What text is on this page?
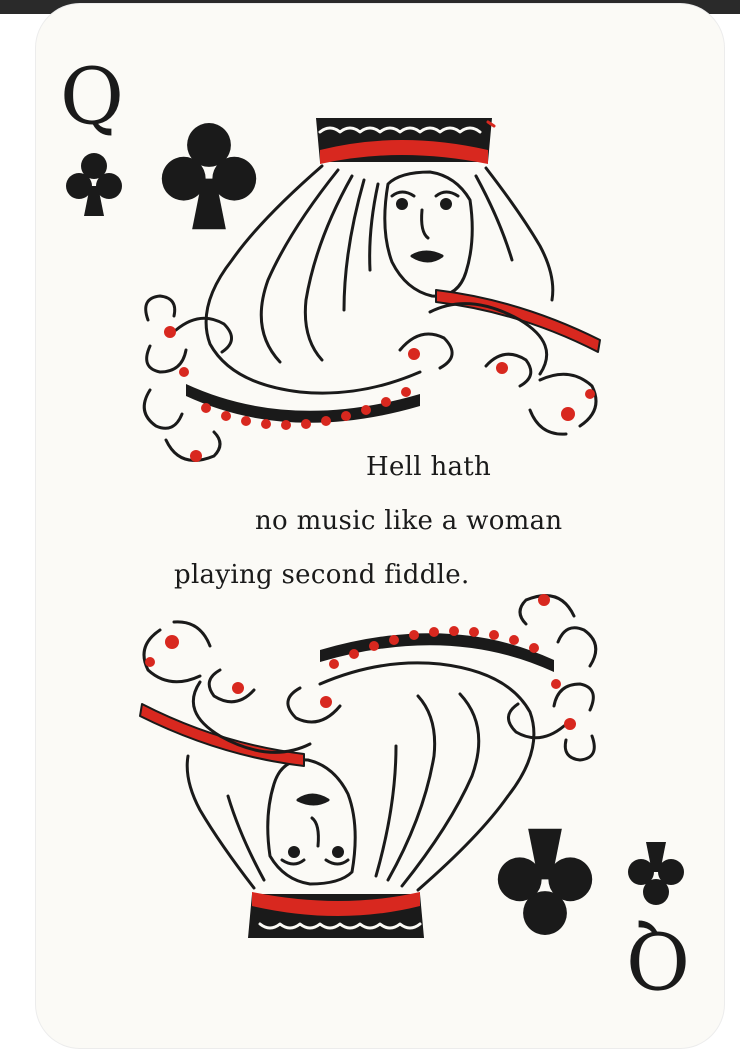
Q
Q
Hell hath
no music like a woman
playing second fiddle.
